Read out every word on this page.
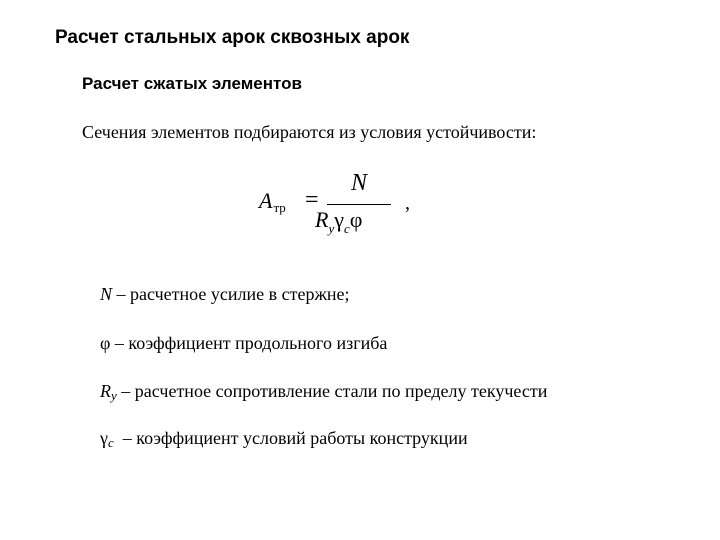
Расчет стальных арок сквозных арок
Расчет сжатых элементов
Сечения элементов подбираются из условия устойчивости:
$A_{тр}$ =
N
$R_y\gamma_c\varphi$
,
N – расчетное усилие в стержне;
φ – коэффициент продольного изгиба
$R_y$ – расчетное сопротивление стали по пределу текучести
$\gamma_c$  – коэффициент условий работы конструкции
